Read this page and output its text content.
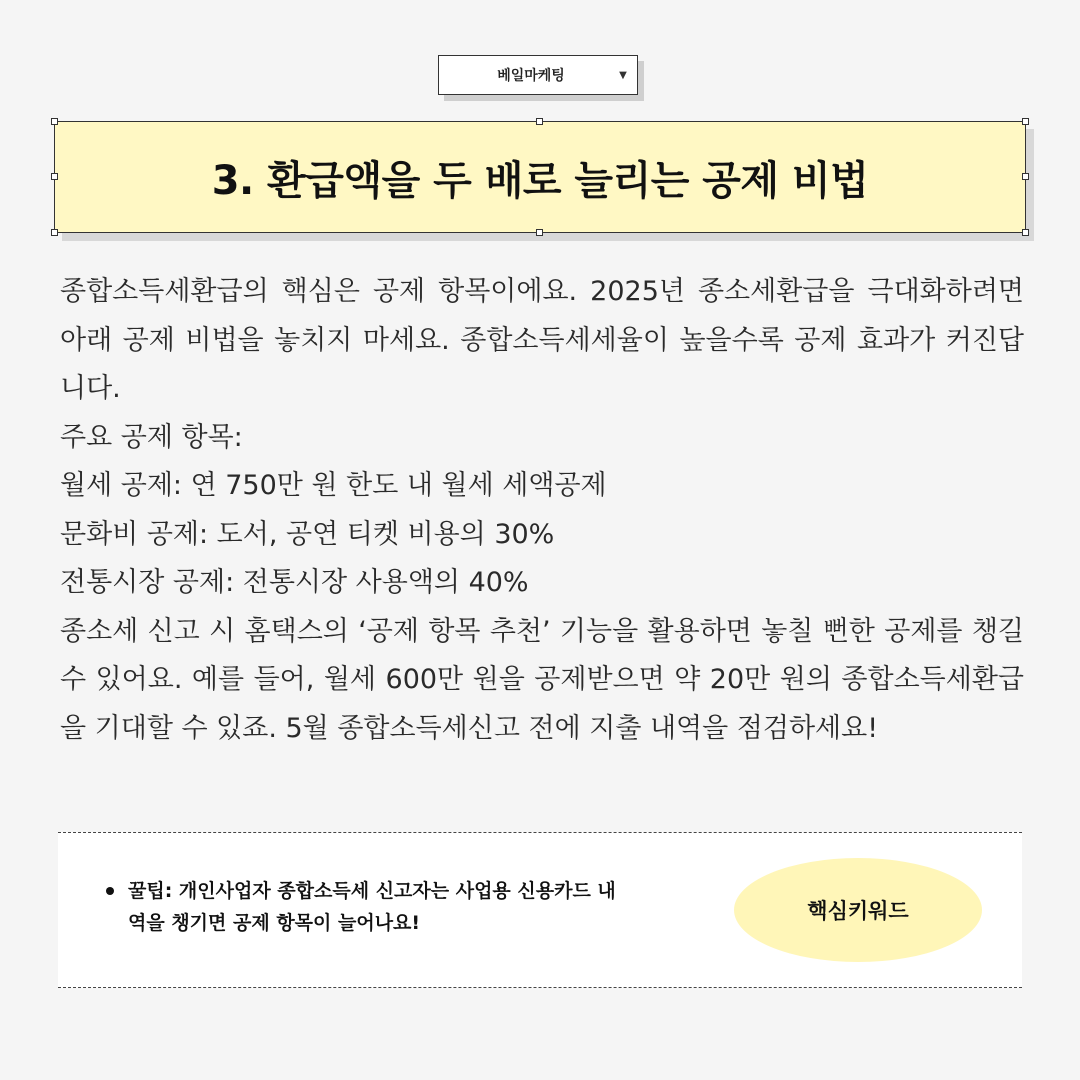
베일마케팅	▼
3. 환급액을 두 배로 늘리는 공제 비법

종합소득세환급의 핵심은 공제 항목이에요. 2025년 종소세환급을 극대화하려면 아래 공제 비법을 놓치지 마세요. 종합소득세세율이 높을수록 공제 효과가 커진답니다.

주요 공제 항목:

월세 공제: 연 750만 원 한도 내 월세 세액공제

문화비 공제: 도서, 공연 티켓 비용의 30%

전통시장 공제: 전통시장 사용액의 40%

종소세 신고 시 홈택스의 ‘공제 항목 추천’ 기능을 활용하면 놓칠 뻔한 공제를 챙길 수 있어요. 예를 들어, 월세 600만 원을 공제받으면 약 20만 원의 종합소득세환급을 기대할 수 있죠. 5월 종합소득세신고 전에 지출 내역을 점검하세요!

꿀팁: 개인사업자 종합소득세 신고자는 사업용 신용카드 내
역을 챙기면 공제 항목이 늘어나요!	핵심키워드
